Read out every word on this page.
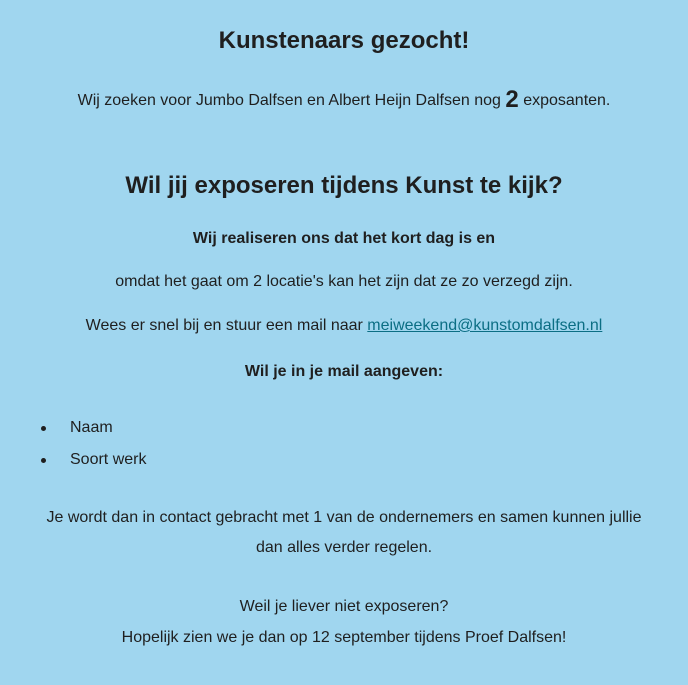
Kunstenaars gezocht!
Wij zoeken voor Jumbo Dalfsen en Albert Heijn Dalfsen nog 2 exposanten.
Wil jij exposeren tijdens Kunst te kijk?
Wij realiseren ons dat het kort dag is en
omdat het gaat om 2 locatie's kan het zijn dat ze zo verzegd zijn.
Wees er snel bij en stuur een mail naar meiweekend@kunstomdalfsen.nl
Wil je in je mail aangeven:
Naam
Soort werk
Je wordt dan in contact gebracht met 1 van de ondernemers en samen kunnen jullie
dan alles verder regelen.
Weil je liever niet exposeren?
Hopelijk zien we je dan op 12 september tijdens Proef Dalfsen!
